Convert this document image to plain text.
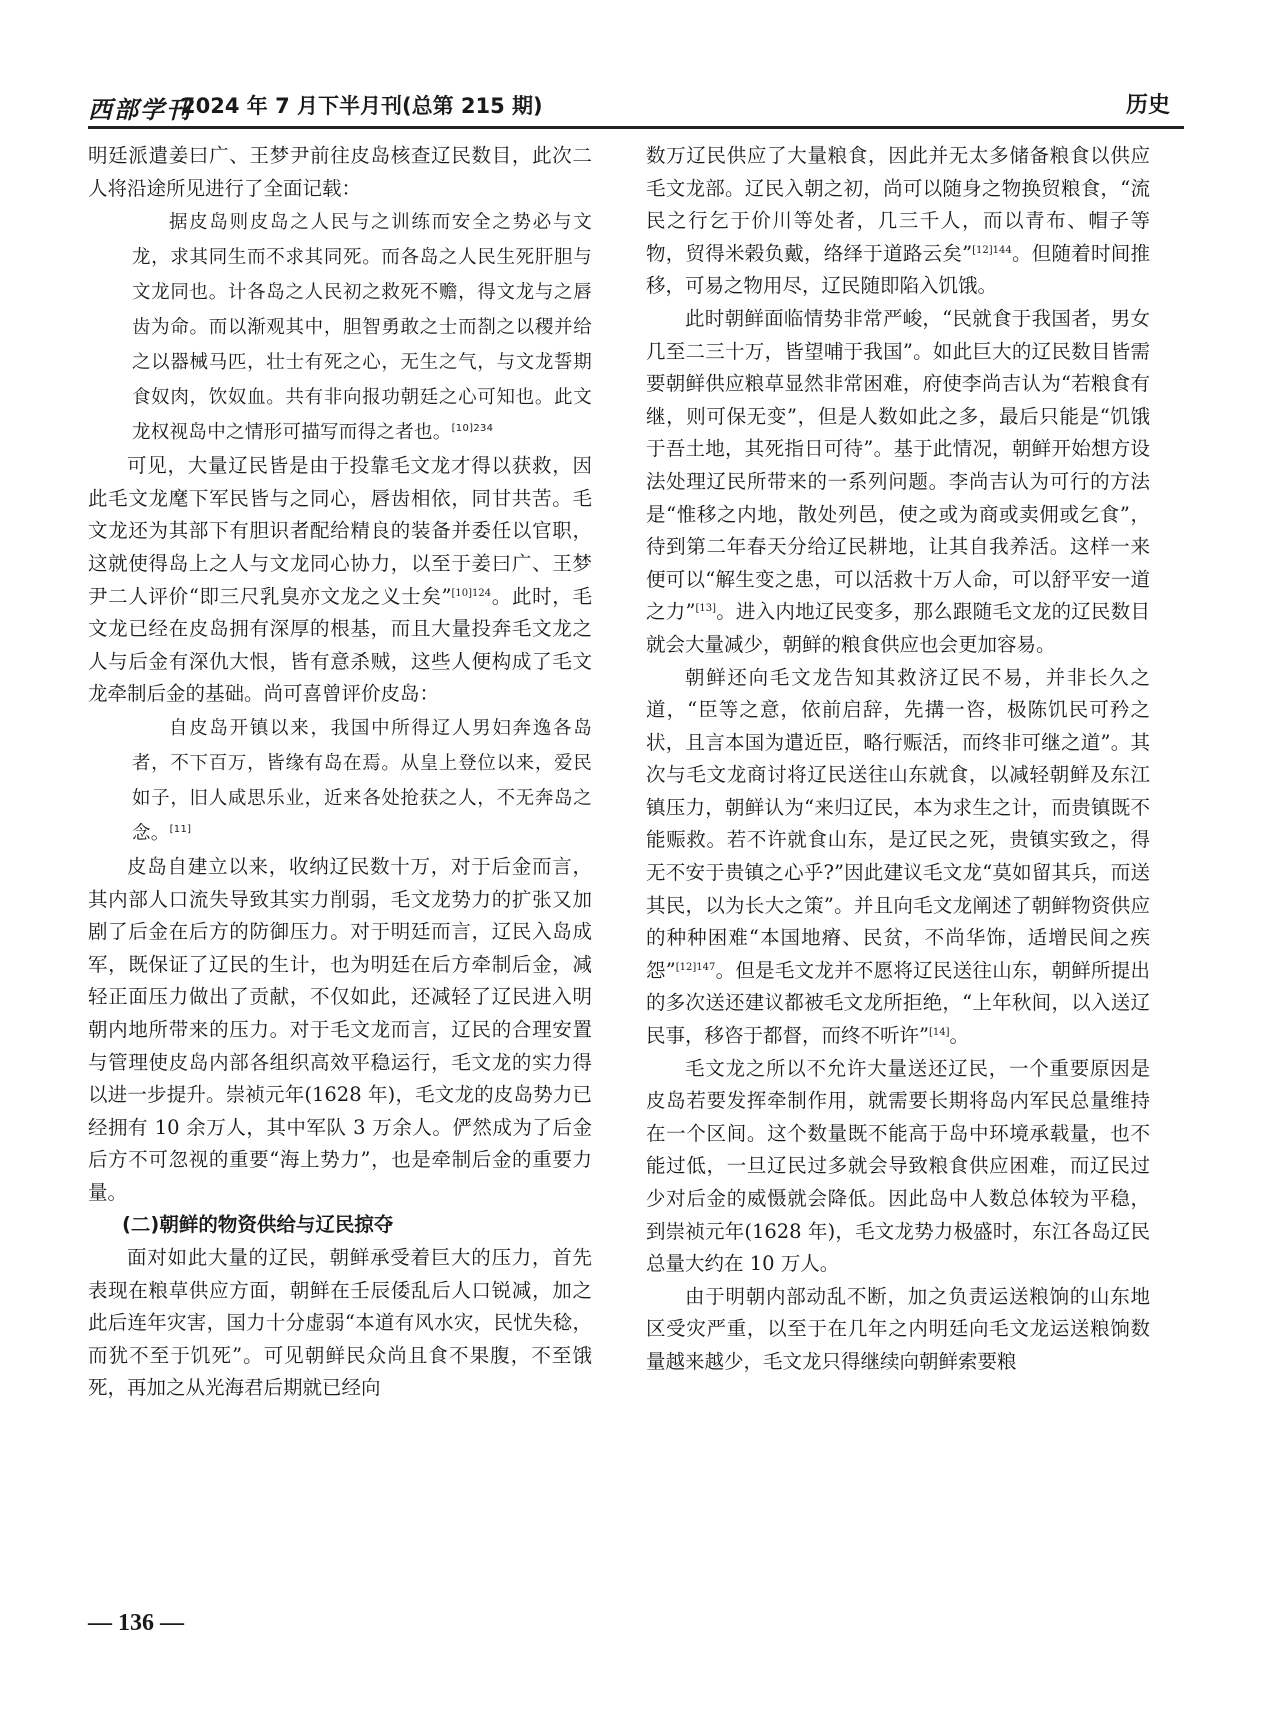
西部学刊
2024 年 7 月下半月刊(总第 215 期)	历史

明廷派遣姜曰广、王梦尹前往皮岛核查辽民数目，此次二人将沿途所见进行了全面记载：

据皮岛则皮岛之人民与之训练而安全之势必与文龙，求其同生而不求其同死。而各岛之人民生死肝胆与文龙同也。计各岛之人民初之救死不赡，得文龙与之唇齿为命。而以渐观其中，胆智勇敢之士而剳之以稷并给之以器械马匹，壮士有死之心，无生之气，与文龙誓期食奴肉，饮奴血。共有非向报功朝廷之心可知也。此文龙权视岛中之情形可描写而得之者也。$^{[10]234}$

可见，大量辽民皆是由于投靠毛文龙才得以获救，因此毛文龙麾下军民皆与之同心，唇齿相依，同甘共苦。毛文龙还为其部下有胆识者配给精良的装备并委任以官职，这就使得岛上之人与文龙同心协力，以至于姜曰广、王梦尹二人评价“即三尺乳臭亦文龙之义士矣”$^{[10]124}$。此时，毛文龙已经在皮岛拥有深厚的根基，而且大量投奔毛文龙之人与后金有深仇大恨，皆有意杀贼，这些人便构成了毛文龙牵制后金的基础。尚可喜曾评价皮岛：

自皮岛开镇以来，我国中所得辽人男妇奔逸各岛者，不下百万，皆缘有岛在焉。从皇上登位以来，爱民如子，旧人咸思乐业，近来各处抢获之人，不无奔岛之念。[11]

皮岛自建立以来，收纳辽民数十万，对于后金而言，其内部人口流失导致其实力削弱，毛文龙势力的扩张又加剧了后金在后方的防御压力。对于明廷而言，辽民入岛成军，既保证了辽民的生计，也为明廷在后方牵制后金，减轻正面压力做出了贡献，不仅如此，还减轻了辽民进入明朝内地所带来的压力。对于毛文龙而言，辽民的合理安置与管理使皮岛内部各组织高效平稳运行，毛文龙的实力得以进一步提升。崇祯元年(1628 年)，毛文龙的皮岛势力已经拥有 10 余万人，其中军队 3 万余人。俨然成为了后金后方不可忽视的重要“海上势力”，也是牵制后金的重要力量。

(二)朝鲜的物资供给与辽民掠夺

面对如此大量的辽民，朝鲜承受着巨大的压力，首先表现在粮草供应方面，朝鲜在壬辰倭乱后人口锐减，加之此后连年灾害，国力十分虚弱“本道有风水灾，民忧失稔，而犹不至于饥死”。可见朝鲜民众尚且食不果腹，不至饿死，再加之从光海君后期就已经向

数万辽民供应了大量粮食，因此并无太多储备粮食以供应毛文龙部。辽民入朝之初，尚可以随身之物换贸粮食，“流民之行乞于价川等处者，几三千人，而以青布、帽子等物，贸得米榖负戴，络绎于道路云矣”$^{[12]144}$。但随着时间推移，可易之物用尽，辽民随即陷入饥饿。

此时朝鲜面临情势非常严峻，“民就食于我国者，男女几至二三十万，皆望哺于我国”。如此巨大的辽民数目皆需要朝鲜供应粮草显然非常困难，府使李尚吉认为“若粮食有继，则可保无变”，但是人数如此之多，最后只能是“饥饿于吾土地，其死指日可待”。基于此情况，朝鲜开始想方设法处理辽民所带来的一系列问题。李尚吉认为可行的方法是“惟移之内地，散处列邑，使之或为商或卖佣或乞食”，待到第二年春天分给辽民耕地，让其自我养活。这样一来便可以“解生变之患，可以活救十万人命，可以舒平安一道之力”[13]。进入内地辽民变多，那么跟随毛文龙的辽民数目就会大量减少，朝鲜的粮食供应也会更加容易。

朝鲜还向毛文龙告知其救济辽民不易，并非长久之道，“臣等之意，依前启辞，先搆一咨，极陈饥民可矜之状，且言本国为遣近臣，略行赈活，而终非可继之道”。其次与毛文龙商讨将辽民送往山东就食，以减轻朝鲜及东江镇压力，朝鲜认为“来归辽民，本为求生之计，而贵镇既不能赈救。若不许就食山东，是辽民之死，贵镇实致之，得无不安于贵镇之心乎?”因此建议毛文龙“莫如留其兵，而送其民，以为长大之策”。并且向毛文龙阐述了朝鲜物资供应的种种困难“本国地瘠、民贫，不尚华饰，适增民间之疾怨”$^{[12]147}$。但是毛文龙并不愿将辽民送往山东，朝鲜所提出的多次送还建议都被毛文龙所拒绝，“上年秋间，以入送辽民事，移咨于都督，而终不听许”[14]。

毛文龙之所以不允许大量送还辽民，一个重要原因是皮岛若要发挥牵制作用，就需要长期将岛内军民总量维持在一个区间。这个数量既不能高于岛中环境承载量，也不能过低，一旦辽民过多就会导致粮食供应困难，而辽民过少对后金的威慑就会降低。因此岛中人数总体较为平稳，到崇祯元年(1628 年)，毛文龙势力极盛时，东江各岛辽民总量大约在 10 万人。

由于明朝内部动乱不断，加之负责运送粮饷的山东地区受灾严重，以至于在几年之内明廷向毛文龙运送粮饷数量越来越少，毛文龙只得继续向朝鲜索要粮

— 136 —
